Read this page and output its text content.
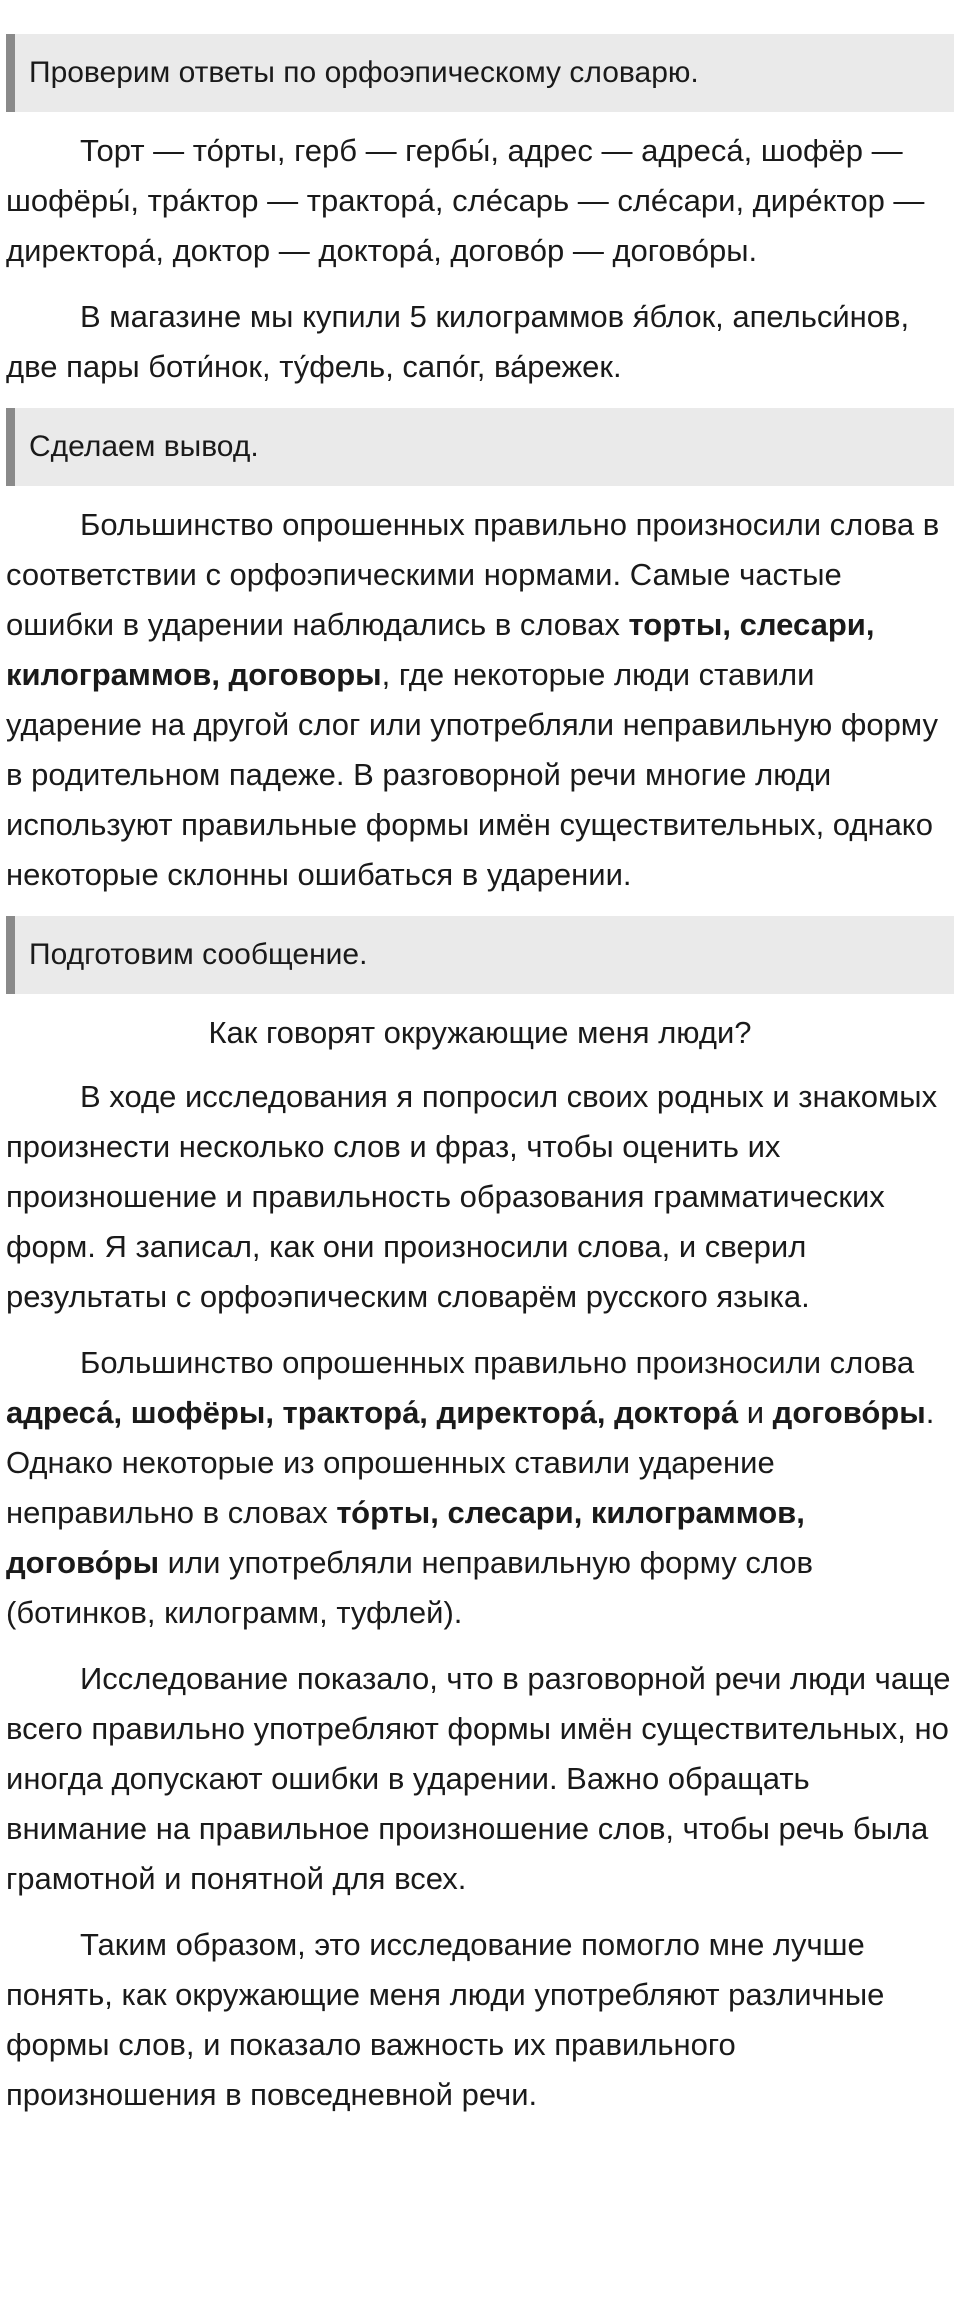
Проверим ответы по орфоэпическому словарю.

Торт — то́рты, герб — гербы́, адрес — адреса́, шофёр — шофёры́, тра́ктор — трактора́, сле́сарь — сле́сари, дире́ктор — директора́, доктор — доктора́, догово́р — догово́ры.

В магазине мы купили 5 килограммов я́блок, апельси́нов, две пары боти́нок, ту́фель, сапо́г, ва́режек.

Сделаем вывод.

Большинство опрошенных правильно произносили слова в соответствии с орфоэпическими нормами. Самые частые ошибки в ударении наблюдались в словах торты, слесари, килограммов, договоры, где некоторые люди ставили ударение на другой слог или употребляли неправильную форму в родительном падеже. В разговорной речи многие люди используют правильные формы имён существительных, однако некоторые склонны ошибаться в ударении.

Подготовим сообщение.
Как говорят окружающие меня люди?

В ходе исследования я попросил своих родных и знакомых произнести несколько слов и фраз, чтобы оценить их произношение и правильность образования грамматических форм. Я записал, как они произносили слова, и сверил результаты с орфоэпическим словарём русского языка.

Большинство опрошенных правильно произносили слова адреса́, шофёры, трактора́, директора́, доктора́ и догово́ры. Однако некоторые из опрошенных ставили ударение неправильно в словах то́рты, слесари, килограммов, догово́ры или употребляли неправильную форму слов (ботинков, килограмм, туфлей).

Исследование показало, что в разговорной речи люди чаще всего правильно употребляют формы имён существительных, но иногда допускают ошибки в ударении. Важно обращать внимание на правильное произношение слов, чтобы речь была грамотной и понятной для всех.

Таким образом, это исследование помогло мне лучше понять, как окружающие меня люди употребляют различные формы слов, и показало важность их правильного произношения в повседневной речи.
